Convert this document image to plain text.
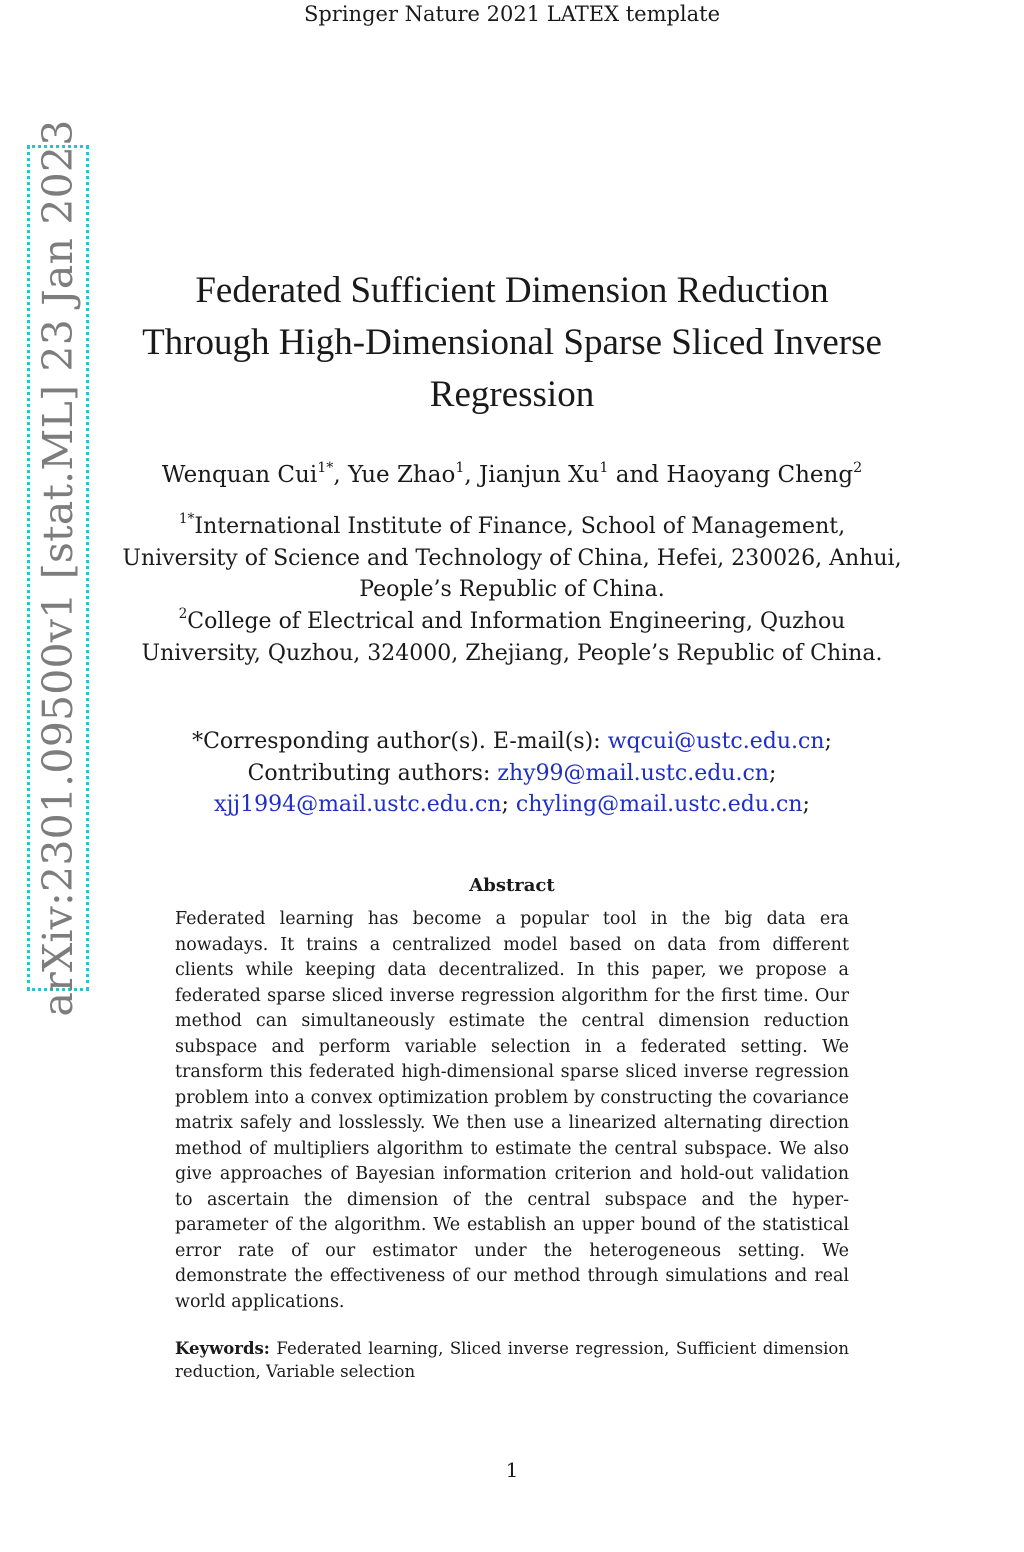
Springer Nature 2021 LATEX template
arXiv:2301.09500v1 [stat.ML] 23 Jan 2023	Federated Sufficient Dimension Reduction Through High-Dimensional Sparse Sliced Inverse Regression
Wenquan Cui$^{1*}$, Yue Zhao$^1$, Jianjun Xu$^1$ and Haoyang Cheng$^2$
$^{1*}$International Institute of Finance, School of Management, University of Science and Technology of China, Hefei, 230026, Anhui, People’s Republic of China.
$^2$College of Electrical and Information Engineering, Quzhou University, Quzhou, 324000, Zhejiang, People’s Republic of China.
*Corresponding author(s). E-mail(s): wqcui@ustc.edu.cn;
Contributing authors: zhy99@mail.ustc.edu.cn;
xjj1994@mail.ustc.edu.cn; chyling@mail.ustc.edu.cn;
Abstract
Federated learning has become a popular tool in the big data era nowadays. It trains a centralized model based on data from different clients while keeping data decentralized. In this paper, we propose a federated sparse sliced inverse regression algorithm for the first time. Our method can simultaneously estimate the central dimension reduction subspace and perform variable selection in a federated setting. We transform this federated high-dimensional sparse sliced inverse regression problem into a convex optimization problem by constructing the covariance matrix safely and losslessly. We then use a linearized alternating direction method of multipliers algorithm to estimate the central subspace. We also give approaches of Bayesian information criterion and hold-out validation to ascertain the dimension of the central subspace and the hyper-parameter of the algorithm. We establish an upper bound of the statistical error rate of our estimator under the heterogeneous setting. We demonstrate the effectiveness of our method through simulations and real world applications.
Keywords: Federated learning, Sliced inverse regression, Sufficient dimension reduction, Variable selection
1
